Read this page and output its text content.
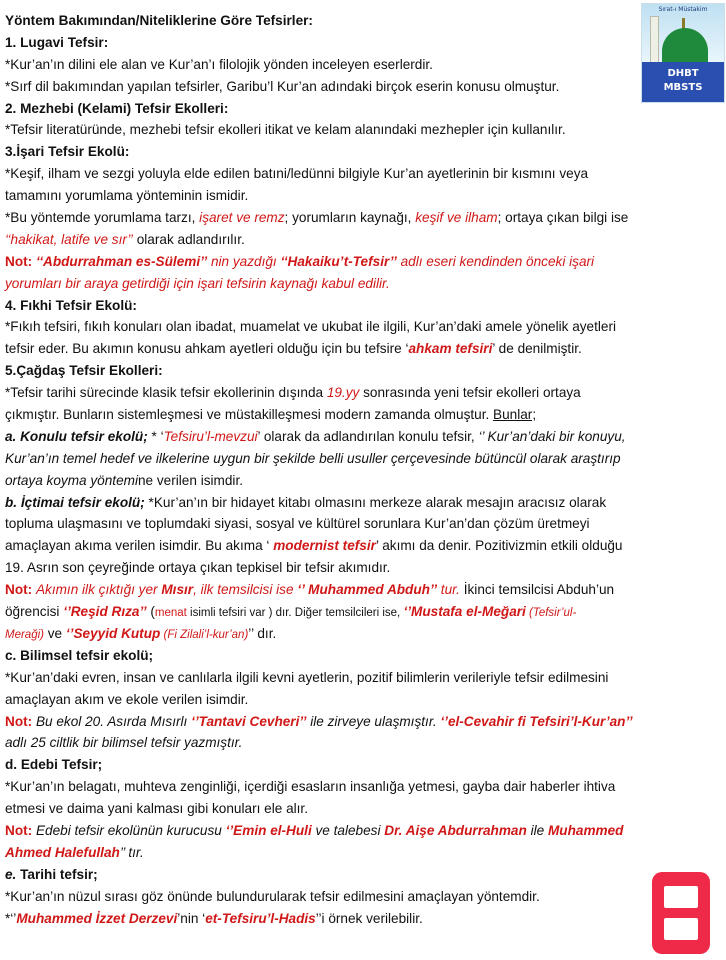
Sırat-ı Müstakim
DHBT
MBSTS
Yöntem Bakımından/Niteliklerine Göre Tefsirler:
1. Lugavi Tefsir:
*Kur’an’ın dilini ele alan ve Kur’an’ı filolojik yönden inceleyen eserlerdir.
*Sırf dil bakımından yapılan tefsirler, Garibu’l Kur’an adındaki birçok eserin konusu olmuştur.
2. Mezhebi (Kelami) Tefsir Ekolleri:
*Tefsir literatüründe, mezhebi tefsir ekolleri itikat ve kelam alanındaki mezhepler için kullanılır.
3.İşari Tefsir Ekolü:
*Keşif, ilham ve sezgi yoluyla elde edilen batıni/ledünni bilgiyle Kur’an ayetlerinin bir kısmını veya
tamamını yorumlama yönteminin ismidir.
*Bu yöntemde yorumlama tarzı, işaret ve remz; yorumların kaynağı, keşif ve ilham; ortaya çıkan bilgi ise
‘‘hakikat, latife ve sır’’ olarak adlandırılır.
Not: ‘‘Abdurrahman es-Sülemi’’ nin yazdığı ‘‘Hakaiku’t-Tefsir’’ adlı eseri kendinden önceki işari
yorumları bir araya getirdiği için işari tefsirin kaynağı kabul edilir.
4. Fıkhi Tefsir Ekolü:
*Fıkıh tefsiri, fıkıh konuları olan ibadat, muamelat ve ukubat ile ilgili, Kur’an’daki amele yönelik ayetleri
tefsir eder. Bu akımın konusu ahkam ayetleri olduğu için bu tefsire ‘ahkam tefsiri’ de denilmiştir.
5.Çağdaş Tefsir Ekolleri:
*Tefsir tarihi sürecinde klasik tefsir ekollerinin dışında 19.yy sonrasında yeni tefsir ekolleri ortaya
çıkmıştır. Bunların sistemleşmesi ve müstakilleşmesi modern zamanda olmuştur. Bunlar;
a. Konulu tefsir ekolü; * ‘Tefsiru’l-mevzui’ olarak da adlandırılan konulu tefsir, ‘’ Kur’an’daki bir konuyu,
Kur’an’ın temel hedef ve ilkelerine uygun bir şekilde belli usuller çerçevesinde bütüncül olarak araştırıp
ortaya koyma yöntemine verilen isimdir.
b. İçtimai tefsir ekolü; *Kur’an’ın bir hidayet kitabı olmasını merkeze alarak mesajın aracısız olarak
topluma ulaşmasını ve toplumdaki siyasi, sosyal ve kültürel sorunlara Kur’an’dan çözüm üretmeyi
amaçlayan akıma verilen isimdir. Bu akıma ‘ modernist tefsir’ akımı da denir. Pozitivizmin etkili olduğu
19. Asrın son çeyreğinde ortaya çıkan tepkisel bir tefsir akımıdır.
Not: Akımın ilk çıktığı yer Mısır, ilk temsilcisi ise ‘’ Muhammed Abduh’’ tur. İkinci temsilcisi Abduh’un
öğrencisi ‘’Reşid Rıza’’ (menat isimli tefsiri var ) dır. Diğer temsilcileri ise, ‘’Mustafa el-Meğari (Tefsir’ul-
Meraği) ve ‘’Seyyid Kutup (Fi Zilali’l-kur’an)’’ dır.
c. Bilimsel tefsir ekolü;
*Kur’an’daki evren, insan ve canlılarla ilgili kevni ayetlerin, pozitif bilimlerin verileriyle tefsir edilmesini
amaçlayan akım ve ekole verilen isimdir.
Not: Bu ekol 20. Asırda Mısırlı ‘’Tantavi Cevheri’’ ile zirveye ulaşmıştır. ‘’el-Cevahir fi Tefsiri’l-Kur’an’’
adlı 25 ciltlik bir bilimsel tefsir yazmıştır.
d. Edebi Tefsir;
*Kur’an’ın belagatı, muhteva zenginliği, içerdiği esasların insanlığa yetmesi, gayba dair haberler ihtiva
etmesi ve daima yani kalması gibi konuları ele alır.
Not: Edebi tefsir ekolünün kurucusu ‘’Emin el-Huli ve talebesi Dr. Aişe Abdurrahman ile Muhammed
Ahmed Halefullah’’ tır.
e. Tarihi tefsir;
*Kur’an’ın nüzul sırası göz önünde bulundurularak tefsir edilmesini amaçlayan yöntemdir.
*‘’Muhammed İzzet Derzevi’nin ‘et-Tefsiru’l-Hadis’’i örnek verilebilir.
